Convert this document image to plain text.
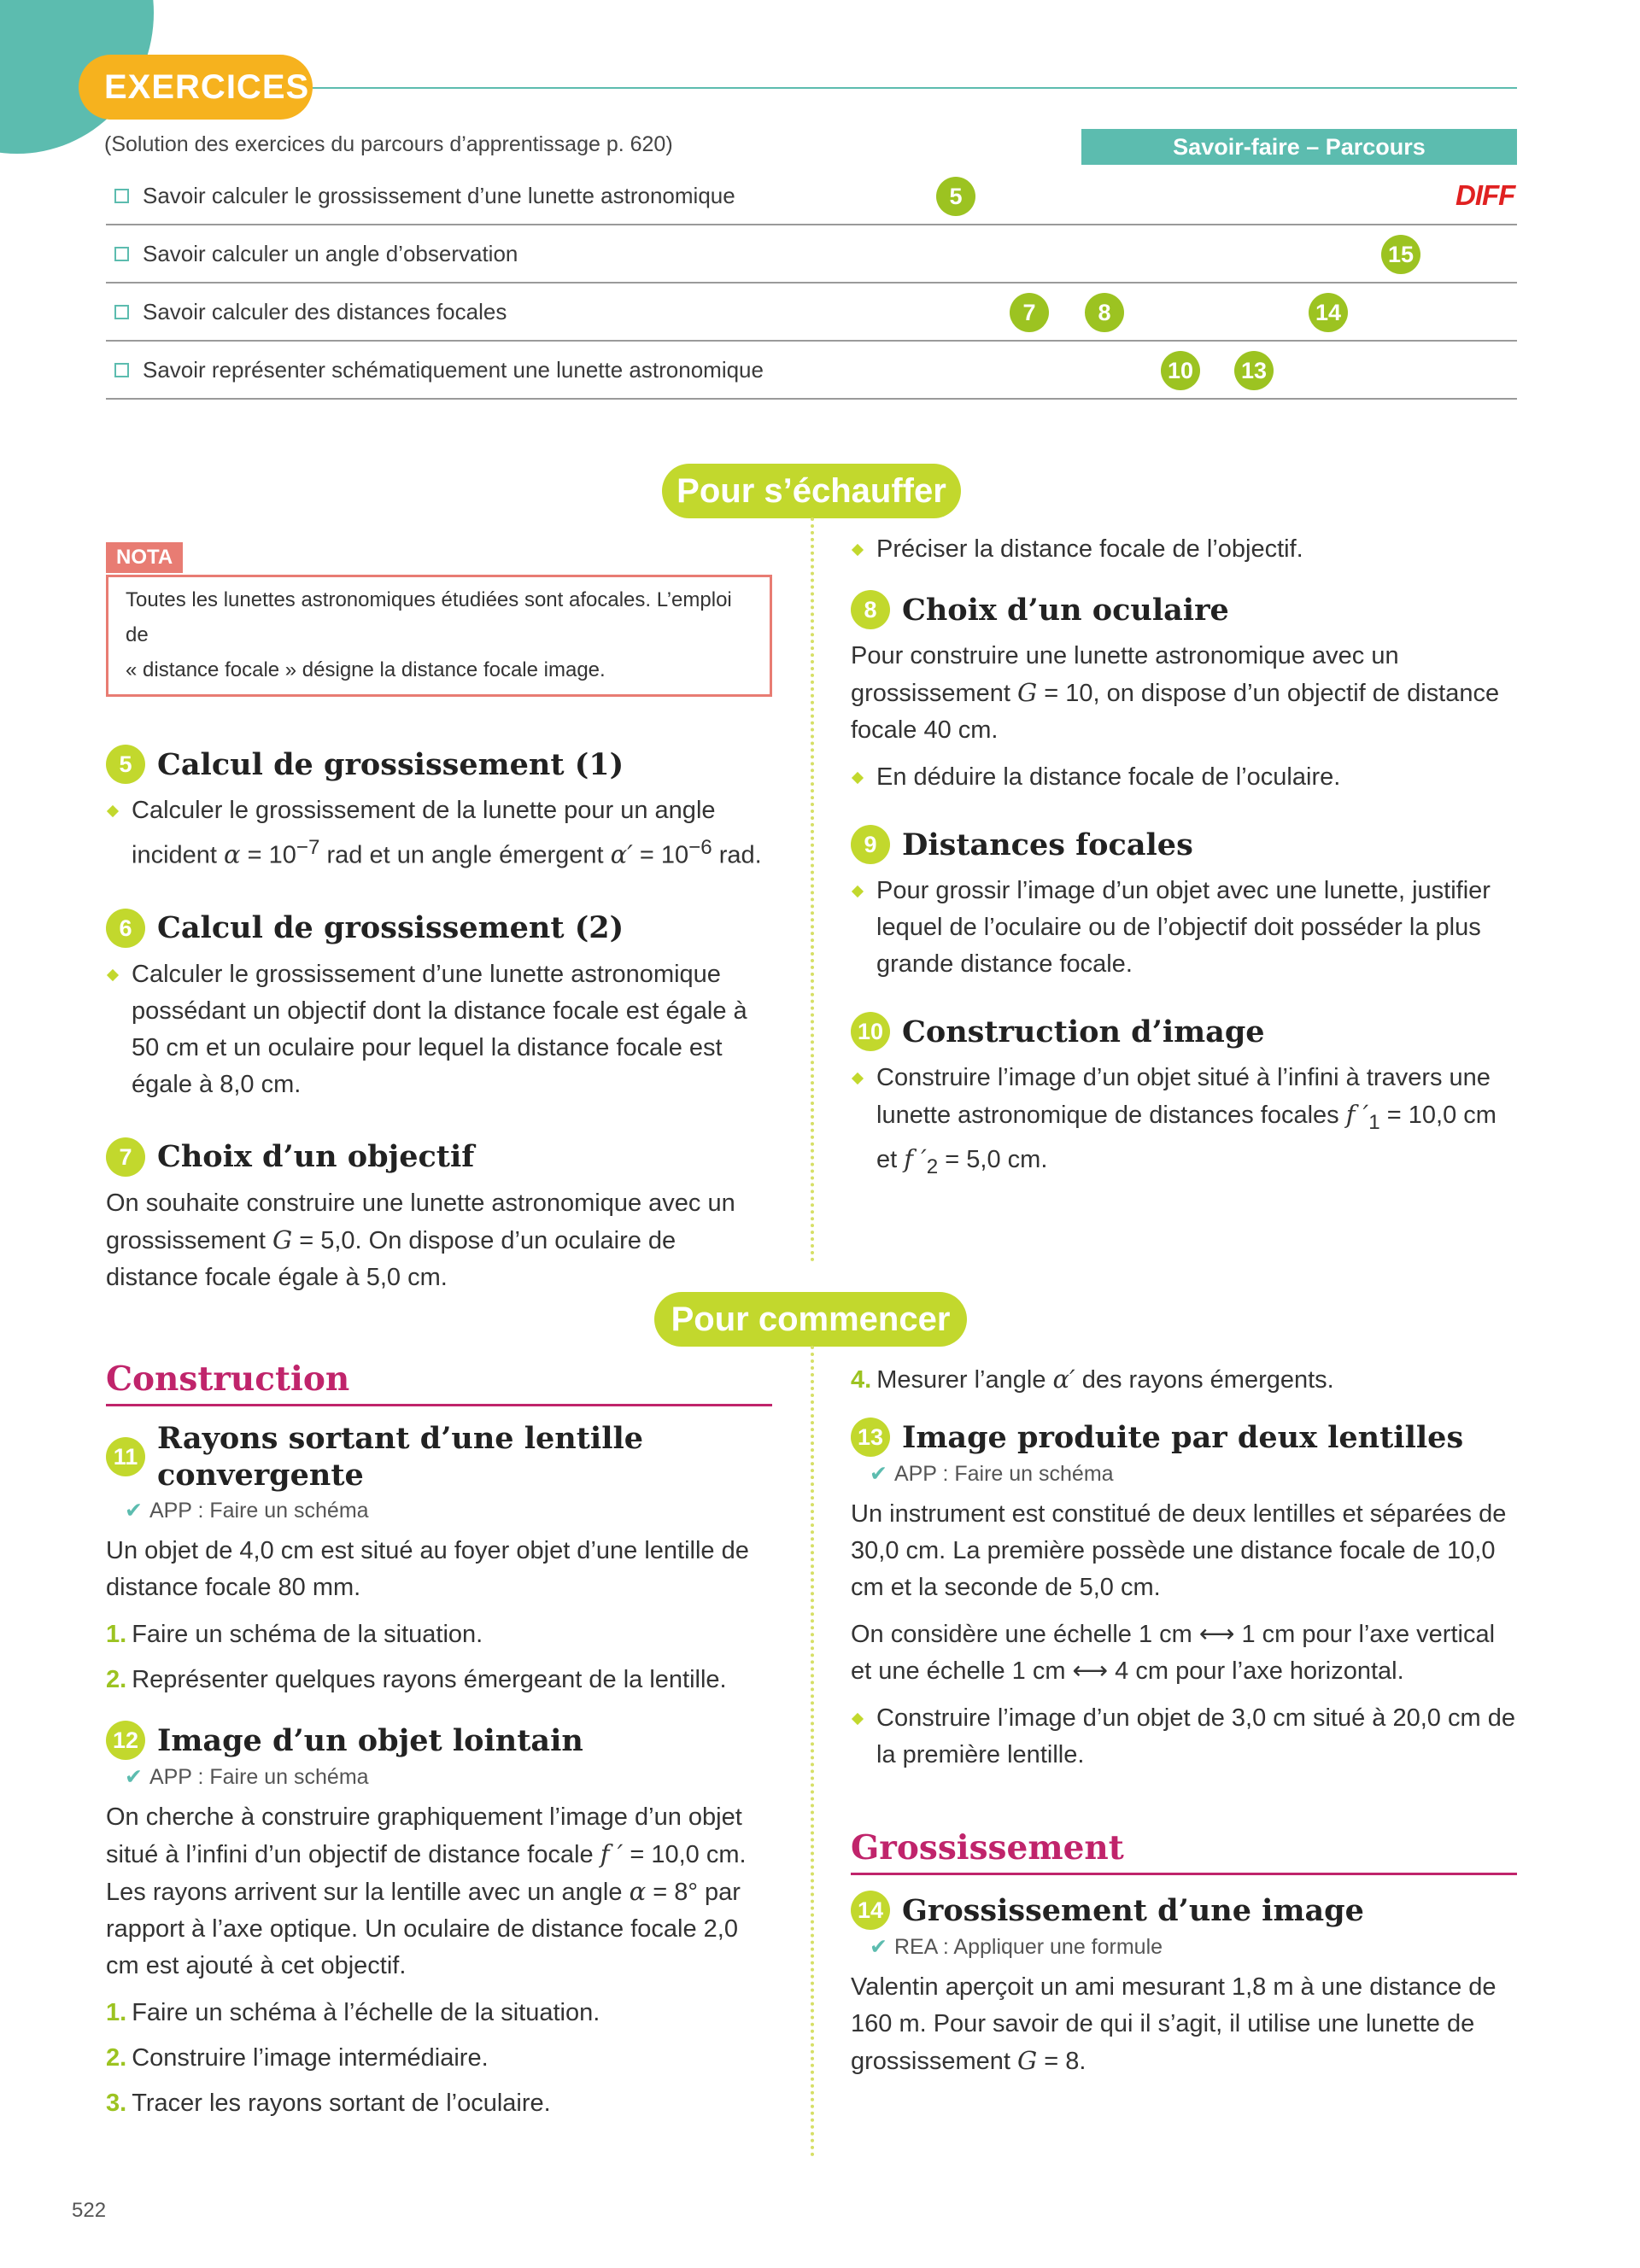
EXERCICES
(Solution des exercices du parcours d’apprentissage p. 620)	Savoir-faire – Parcours d’apprentissage
Savoir calculer le grossissement d’une lunette astronomique	5	DIFF
Savoir calculer un angle d’observation	15
Savoir calculer des distances focales	7	8	14
Savoir représenter schématiquement une lunette astronomique	10 13
Pour s’échauffer
NOTA
Toutes les lunettes astronomiques étudiées sont afocales. L’emploi de
« distance focale » désigne la distance focale image.
5 Calcul de grossissement (1)
Calculer le grossissement de la lunette pour un angle incident $\alpha = 10^{-7}$ rad et un angle émergent $\alpha' = 10^{-6}$ rad.
6 Calcul de grossissement (2)
Calculer le grossissement d’une lunette astronomique possédant un objectif dont la distance focale est égale à 50 cm et un oculaire pour lequel la distance focale est égale à 8,0 cm.
7 Choix d’un objectif
On souhaite construire une lunette astronomique avec un grossissement G = 5,0. On dispose d’un oculaire de distance focale égale à 5,0 cm.
Préciser la distance focale de l’objectif.
8 Choix d’un oculaire
Pour construire une lunette astronomique avec un grossissement G = 10, on dispose d’un objectif de distance focale 40 cm.
En déduire la distance focale de l’oculaire.
9 Distances focales
Pour grossir l’image d’un objet avec une lunette, justifier lequel de l’oculaire ou de l’objectif doit posséder la plus grande distance focale.
10 Construction d’image
Construire l’image d’un objet situé à l’infini à travers une lunette astronomique de distances focales f $'_1 = 10,0$ cm et f $'_2 = 5,0$ cm.
Pour commencer
Construction
11
Rayons sortant d’une lentille convergente
✔ APP : Faire un schéma
Un objet de 4,0 cm est situé au foyer objet d’une lentille de distance focale 80 mm.
1. Faire un schéma de la situation.
2. Représenter quelques rayons émergeant de la lentille.
12 Image d’un objet lointain
✔ APP : Faire un schéma
On cherche à construire graphiquement l’image d’un objet situé à l’infini d’un objectif de distance focale f ′ = 10,0 cm. Les rayons arrivent sur la lentille avec un angle α = 8° par rapport à l’axe optique. Un oculaire de distance focale 2,0 cm est ajouté à cet objectif.
1. Faire un schéma à l’échelle de la situation.
2. Construire l’image intermédiaire.
3. Tracer les rayons sortant de l’oculaire.
4. Mesurer l’angle α′ des rayons émergents.
13 Image produite par deux lentilles
✔ APP : Faire un schéma
Un instrument est constitué de deux lentilles et séparées de 30,0 cm. La première possède une distance focale de 10,0 cm et la seconde de 5,0 cm.
On considère une échelle 1 cm ⟷ 1 cm pour l’axe vertical et une échelle 1 cm ⟷ 4 cm pour l’axe horizontal.
Construire l’image d’un objet de 3,0 cm situé à 20,0 cm de la première lentille.
Grossissement
14 Grossissement d’une image
✔ REA : Appliquer une formule
Valentin aperçoit un ami mesurant 1,8 m à une distance de 160 m. Pour savoir de qui il s’agit, il utilise une lunette de grossissement G = 8.
522
